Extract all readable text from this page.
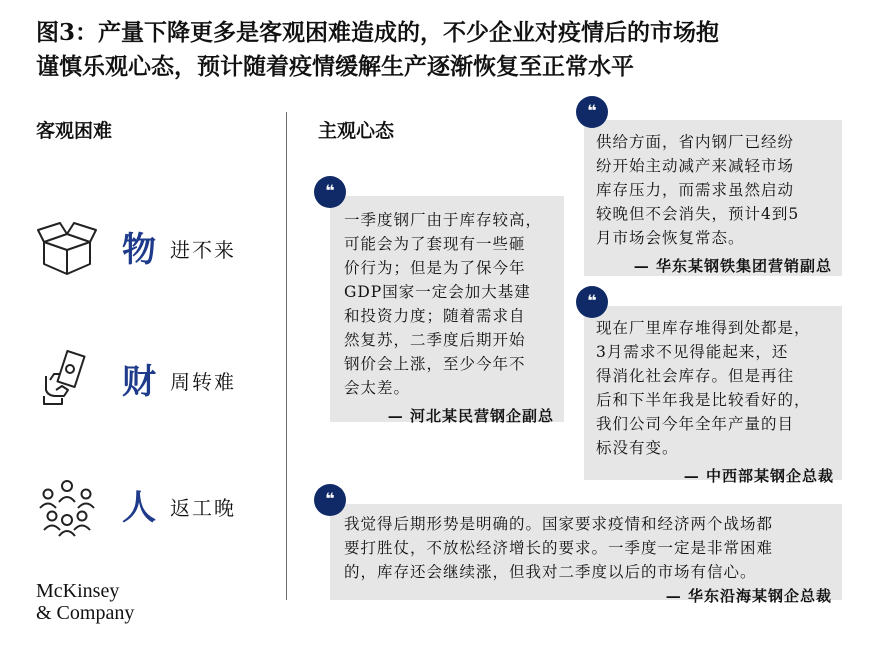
图3：产量下降更多是客观困难造成的，不少企业对疫情后的市场抱
谨慎乐观心态，预计随着疫情缓解生产逐渐恢复至正常水平
客观困难	主观心态
物 进不来
财 周转难
人 返工晚
一季度钢厂由于库存较高，
可能会为了套现有一些砸
价行为；但是为了保今年
GDP国家一定会加大基建
和投资力度；随着需求自
然复苏，二季度后期开始
钢价会上涨，至少今年不
会太差。
— 河北某民营钢企副总
❝
供给方面，省内钢厂已经纷
纷开始主动减产来减轻市场
库存压力，而需求虽然启动
较晚但不会消失，预计4到5
月市场会恢复常态。
— 华东某钢铁集团营销副总
❝
现在厂里库存堆得到处都是，
3月需求不见得能起来，还
得消化社会库存。但是再往
后和下半年我是比较看好的，
我们公司今年全年产量的目
标没有变。
— 中西部某钢企总裁
❝
我觉得后期形势是明确的。国家要求疫情和经济两个战场都
要打胜仗，不放松经济增长的要求。一季度一定是非常困难
的，库存还会继续涨，但我对二季度以后的市场有信心。
— 华东沿海某钢企总裁
❝
McKinsey
& Company
